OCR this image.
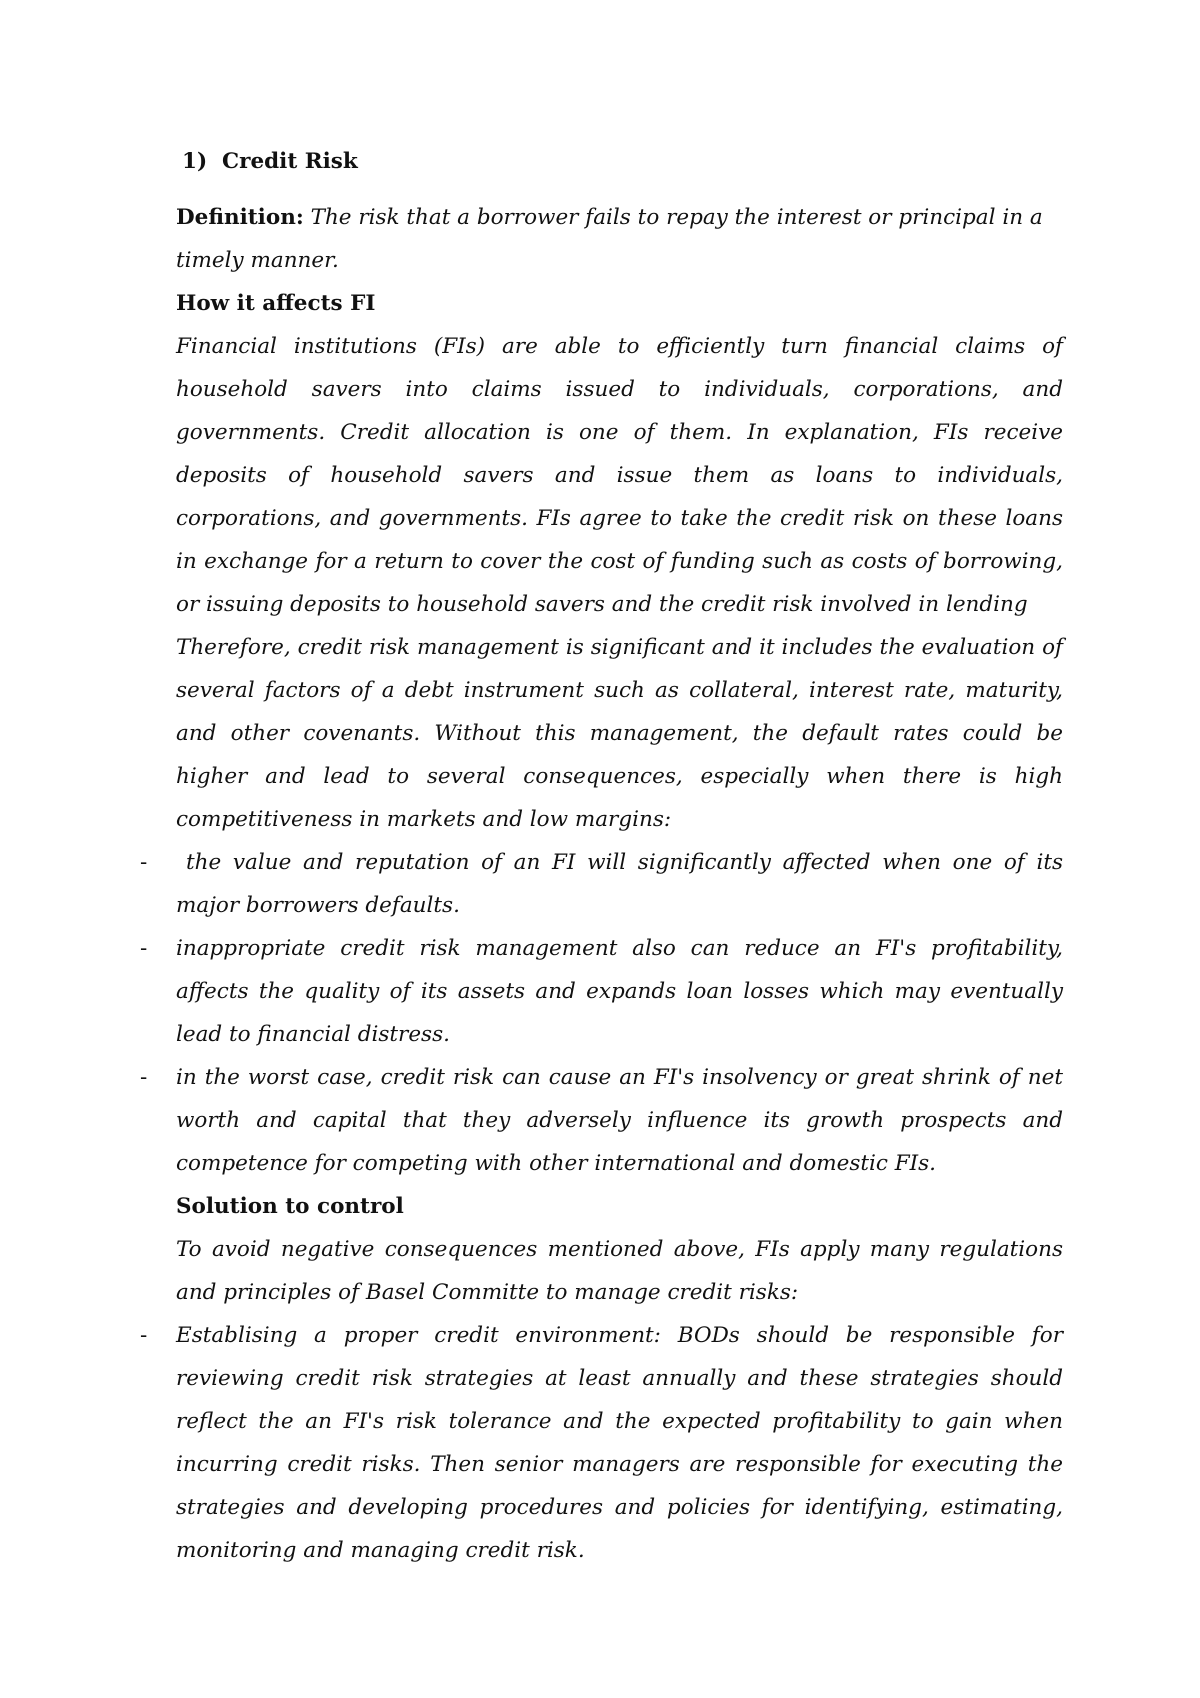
1) Credit Risk

Definition: The risk that a borrower fails to repay the interest or principal in a timely manner.

How it affects FI

Financial institutions (FIs) are able to efficiently turn financial claims of household savers into claims issued to individuals, corporations, and governments. Credit allocation is one of them. In explanation, FIs receive deposits of household savers and issue them as loans to individuals, corporations, and governments. FIs agree to take the credit risk on these loans in exchange for a return to cover the cost of funding such as costs of borrowing, or issuing deposits to household savers and the credit risk involved in lending

Therefore, credit risk management is significant and it includes the evaluation of several factors of a debt instrument such as collateral, interest rate, maturity, and other covenants. Without this management, the default rates could be higher and lead to several consequences, especially when there is high competitiveness in markets and low margins:

-	the value and reputation of an FI will significantly affected when one of its major borrowers defaults.

- inappropriate credit risk management also can reduce an FI's profitability, affects the quality of its assets and expands loan losses which may eventually lead to financial distress.

- in the worst case, credit risk can cause an FI's insolvency or great shrink of net worth and capital that they adversely influence its growth prospects and competence for competing with other international and domestic FIs.

Solution to control

To avoid negative consequences mentioned above, FIs apply many regulations and principles of Basel Committe to manage credit risks:

- Establising a proper credit environment: BODs should be responsible for reviewing credit risk strategies at least annually and these strategies should reflect the an FI's risk tolerance and the expected profitability to gain when incurring credit risks. Then senior managers are responsible for executing the strategies and developing procedures and policies for identifying, estimating, monitoring and managing credit risk.
